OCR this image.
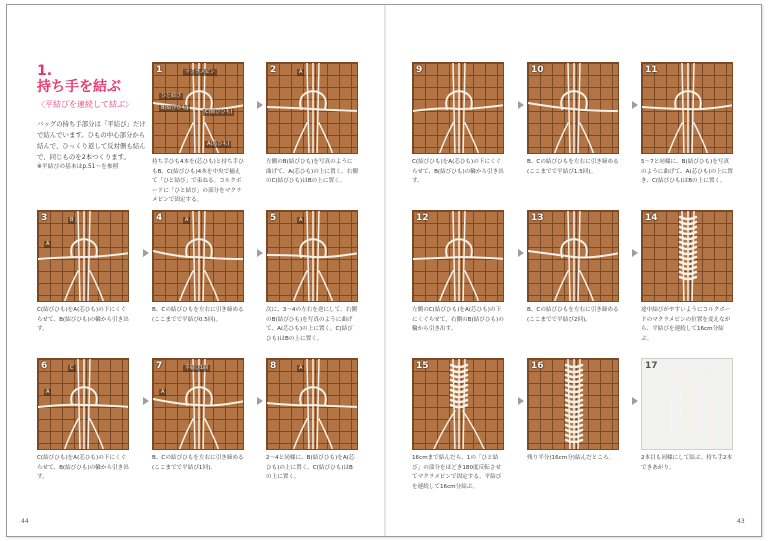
1.
持ち手を結ぶ
〈平結びを連続して結ぶ〉
バッグの持ち手部分は「平結び」だけで結んでいます。ひもの中心部分から結んで、ひっくり返して反対側も結んで、同じものを2本つくります。
※平結びの基本はp.51～を参照
1	マクラメピン
ひと結び
B(結びひも)
C(結びひも)
A(芯ひも)
持ち手ひも4本を(芯ひも)と持ち手ひもB、C(結びひも)4本を中央で揃えて「ひと結び」で束ねる。コルクボードに「ひと結び」の部分をマクラメピンで固定する。
2	A
左側のB(結びひも)を写真のように曲げて、A(芯ひも)の上に置く。右側のC(結びひも)はBの上に置く。
3	B
A
C(結びひも)をA(芯ひも)の下にくぐらせて、B(結びひも)の輪から引き出す。
4	A
B、Cの結びひもを左右に引き締める(ここまでで平結び0.5回)。
5	A
次に、3～4の左右を逆にして、右側のB(結びひも)を写真のように曲げて、A(芯ひも)の上に置く。C(結びひも)はBの上に置く。
6	C
A
C(結びひも)をA(芯ひも)の下にくぐらせて、B(結びひも)の輪から引き出す。
7	平結び1回
A
B、Cの結びひもを左右に引き締める(ここまでで平結び1回)。
8	A
2～4と同様に、B(結びひも)をA(芯ひも)の上に置く。C(結びひも)はBの上に置く。
9
C(結びひも)をA(芯ひも)の下にくぐらせて、B(結びひも)の輪から引き出す。
10
B、Cの結びひもを左右に引き締める(ここまでで平結び1.5回)。
11
5～7と同様に、B(結びひも)を写真のように曲げて、A(芯ひも)の上に置き、C(結びひも)はBの上に置く。
12
左側のC(結びひも)をA(芯ひも)の下にくぐらせて、右側のB(結びひも)の輪から引き出す。
13
B、Cの結びひもを左右に引き締める(ここまでで平結び2回)。
14
途中結びがやすいようにコルクボードのマクラメピンの位置を変えながら、平結びを連続して16cm分結ぶ。
15
16cmまで結んだら、1の「ひと結び」の部分をほどき180度反転させてマクラメピンで固定する。平結びを連続して16cm分結ぶ。
16
残り半分(16cm分)結んだところ。
17
2本目も同様にして結ぶ。持ち手2本できあがり。
44	43
